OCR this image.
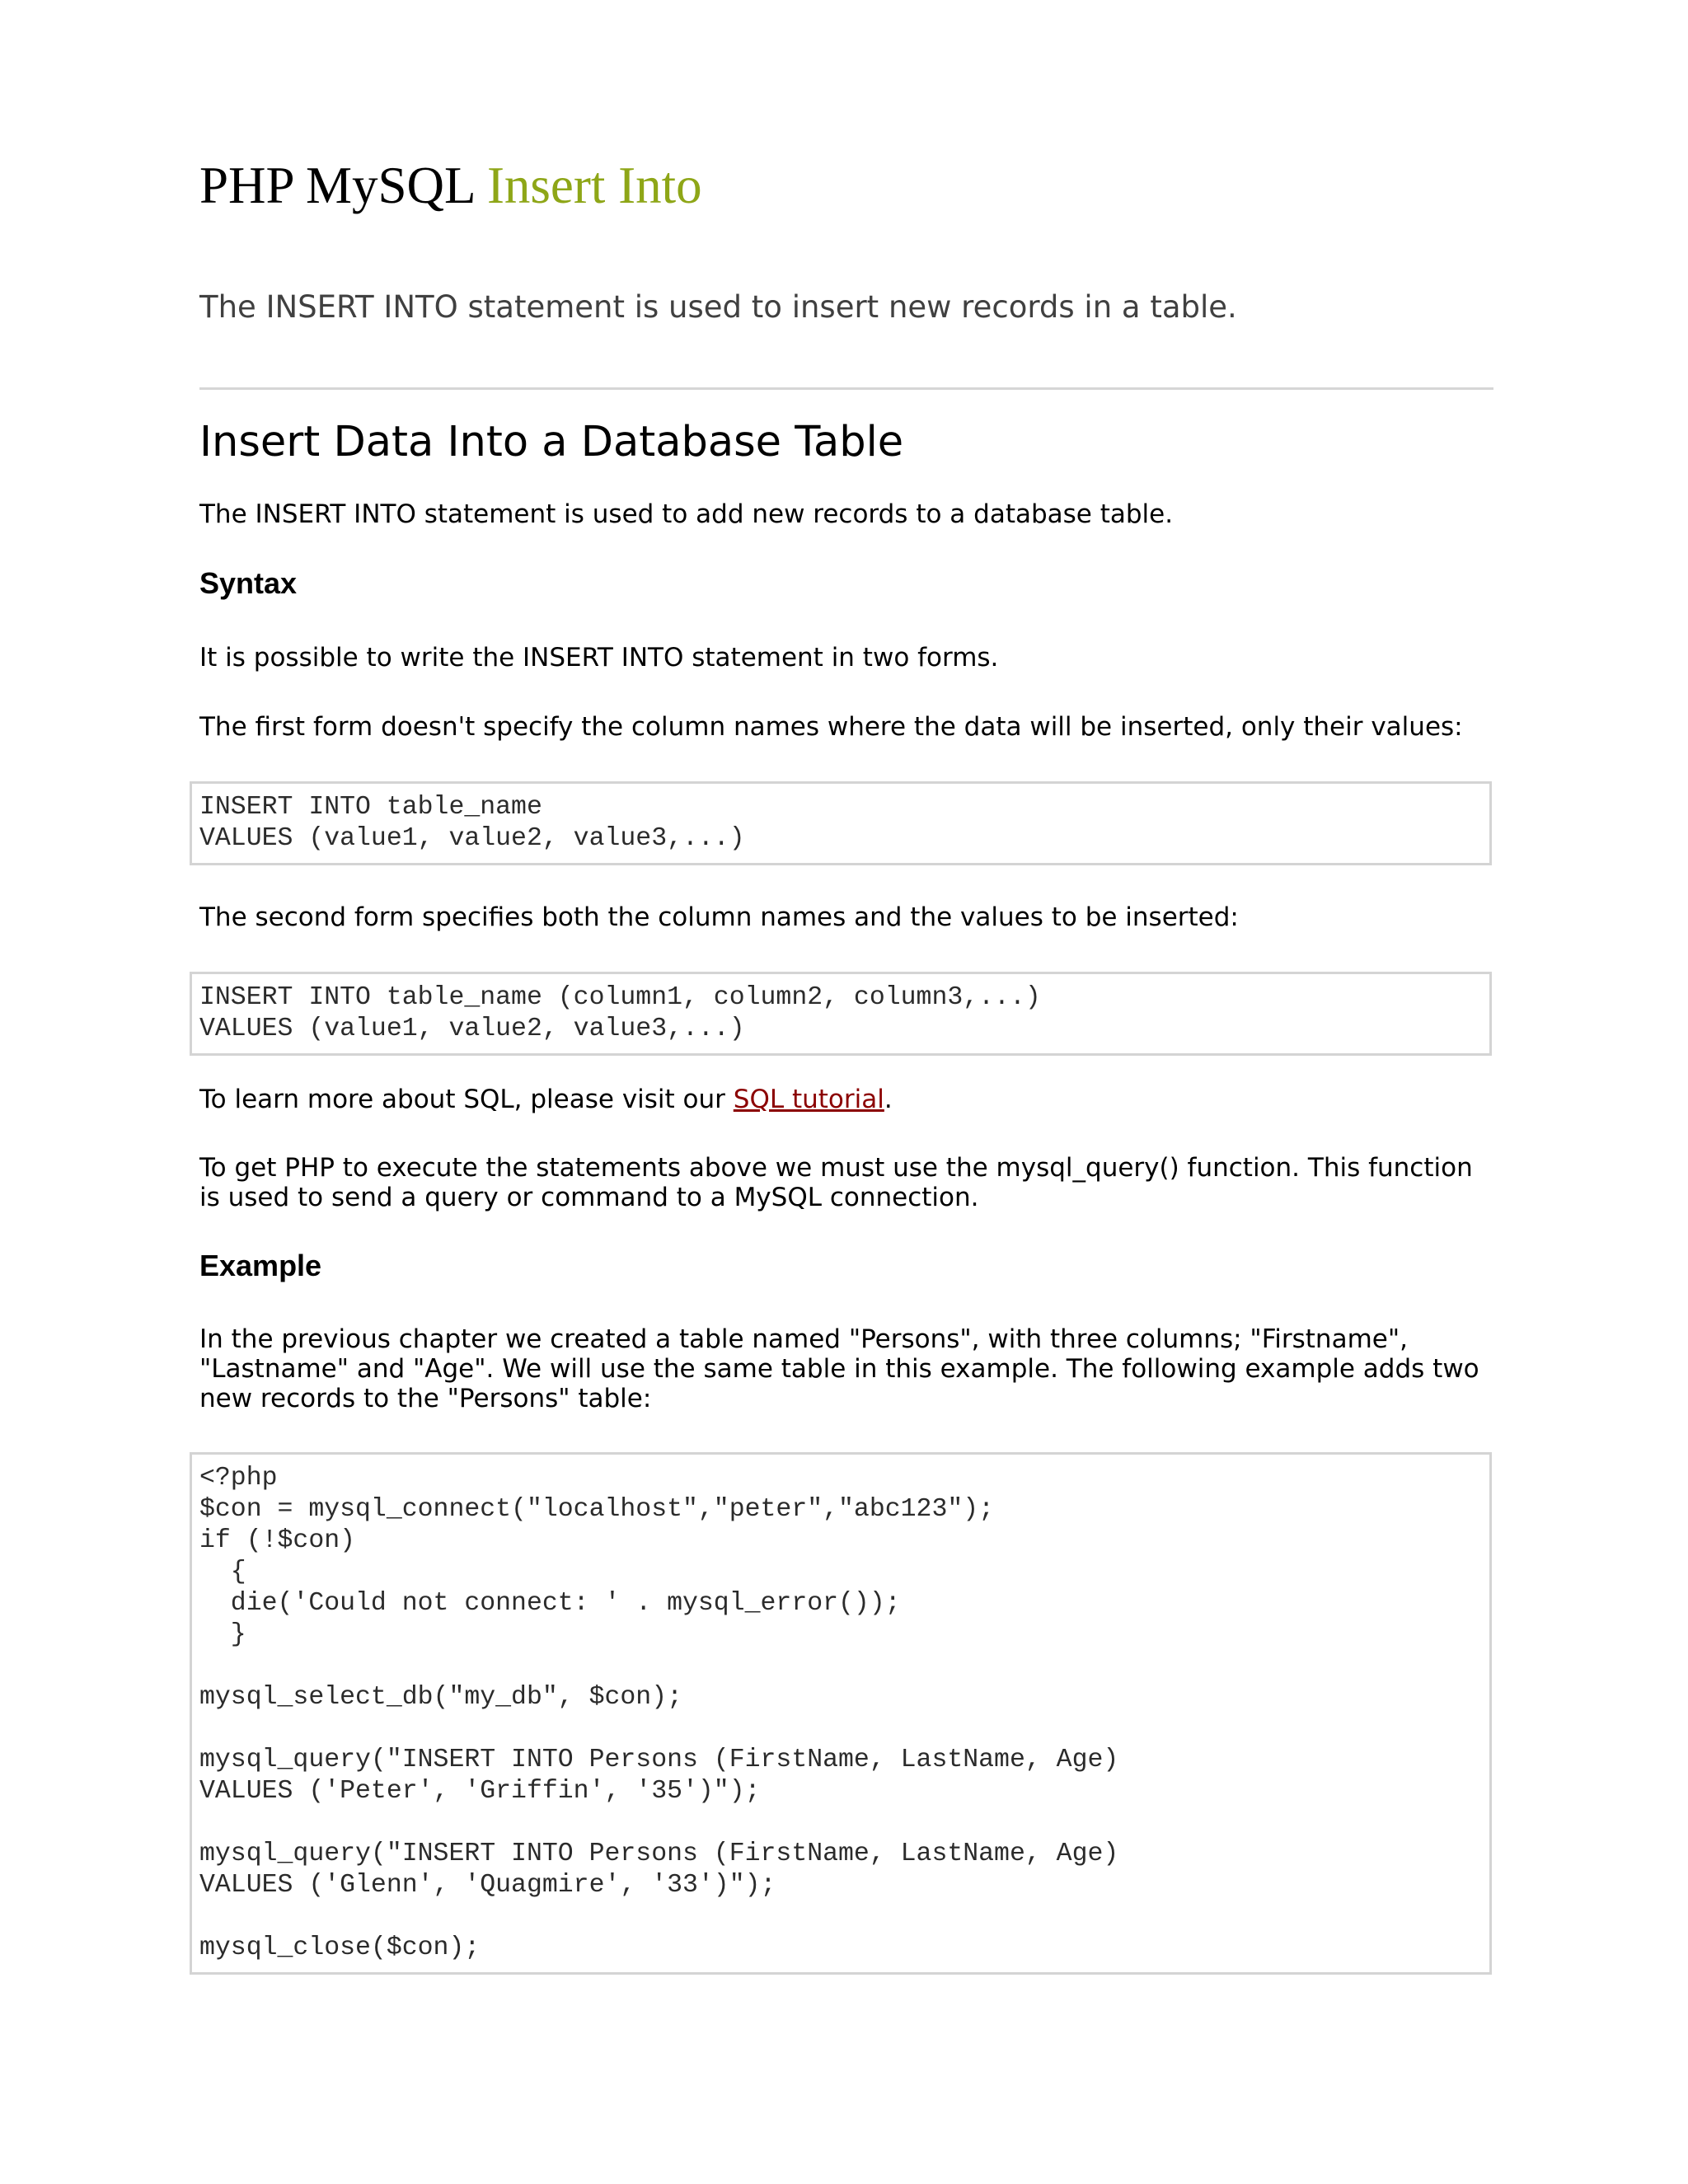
PHP MySQL Insert Into

The INSERT INTO statement is used to insert new records in a table.

Insert Data Into a Database Table

The INSERT INTO statement is used to add new records to a database table.

Syntax

It is possible to write the INSERT INTO statement in two forms.

The first form doesn't specify the column names where the data will be inserted, only their values:

INSERT INTO table_name
VALUES (value1, value2, value3,...)

The second form specifies both the column names and the values to be inserted:

INSERT INTO table_name (column1, column2, column3,...)
VALUES (value1, value2, value3,...)

To learn more about SQL, please visit our SQL tutorial.

To get PHP to execute the statements above we must use the mysql_query() function. This function is used to send a query or command to a MySQL connection.

Example

In the previous chapter we created a table named "Persons", with three columns; "Firstname", "Lastname" and "Age". We will use the same table in this example. The following example adds two new records to the "Persons" table:

<?php
$con = mysql_connect("localhost","peter","abc123");
if (!$con)
{
die('Could not connect: ' . mysql_error());
}

mysql_select_db("my_db", $con);

mysql_query("INSERT INTO Persons (FirstName, LastName, Age)
VALUES ('Peter', 'Griffin', '35')");

mysql_query("INSERT INTO Persons (FirstName, LastName, Age)
VALUES ('Glenn', 'Quagmire', '33')");

mysql_close($con);
